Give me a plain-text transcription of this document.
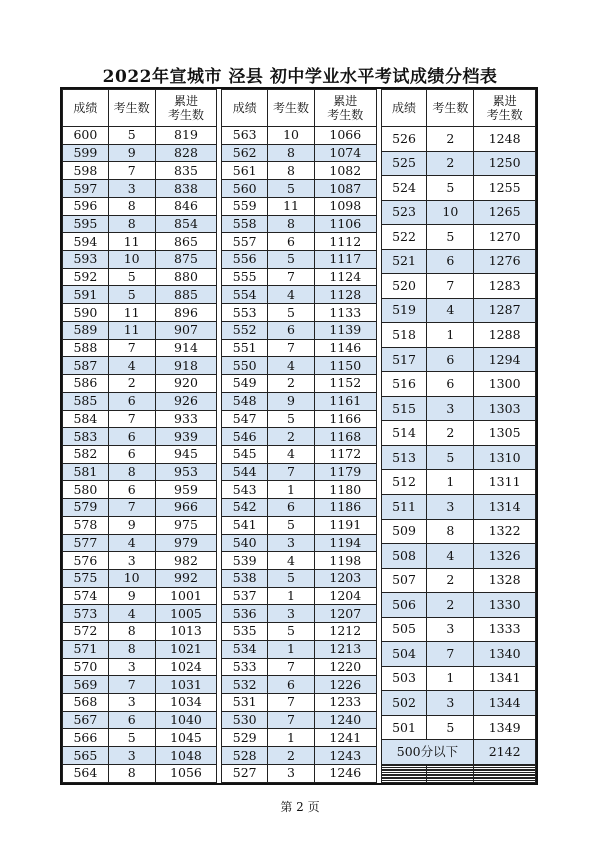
2022年宣城市 泾县 初中学业水平考试成绩分档表
成绩	考生数	累进
考生数

600	5	819
599	9	828
598	7	835
597	3	838
596	8	846
595	8	854
594	11	865
593	10	875
592	5	880
591	5	885
590	11	896
589	11	907
588	7	914
587	4	918
586	2	920
585	6	926
584	7	933
583	6	939
582	6	945
581	8	953
580	6	959
579	7	966
578	9	975
577	4	979
576	3	982
575	10	992
574	9	1001
573	4	1005
572	8	1013
571	8	1021
570	3	1024
569	7	1031
568	3	1034
567	6	1040
566	5	1045
565	3	1048
564	8	1056
成绩	考生数	累进
考生数

563	10	1066
562	8	1074
561	8	1082
560	5	1087
559	11	1098
558	8	1106
557	6	1112
556	5	1117
555	7	1124
554	4	1128
553	5	1133
552	6	1139
551	7	1146
550	4	1150
549	2	1152
548	9	1161
547	5	1166
546	2	1168
545	4	1172
544	7	1179
543	1	1180
542	6	1186
541	5	1191
540	3	1194
539	4	1198
538	5	1203
537	1	1204
536	3	1207
535	5	1212
534	1	1213
533	7	1220
532	6	1226
531	7	1233
530	7	1240
529	1	1241
528	2	1243
527	3	1246
成绩	考生数	累进
考生数

526	2	1248
525	2	1250
524	5	1255
523	10	1265
522	5	1270
521	6	1276
520	7	1283
519	4	1287
518	1	1288
517	6	1294
516	6	1300
515	3	1303
514	2	1305
513	5	1310
512	1	1311
511	3	1314
509	8	1322
508	4	1326
507	2	1328
506	2	1330
505	3	1333
504	7	1340
503	1	1341
502	3	1344
501	5	1349
500分以下		2142

第 2 页
